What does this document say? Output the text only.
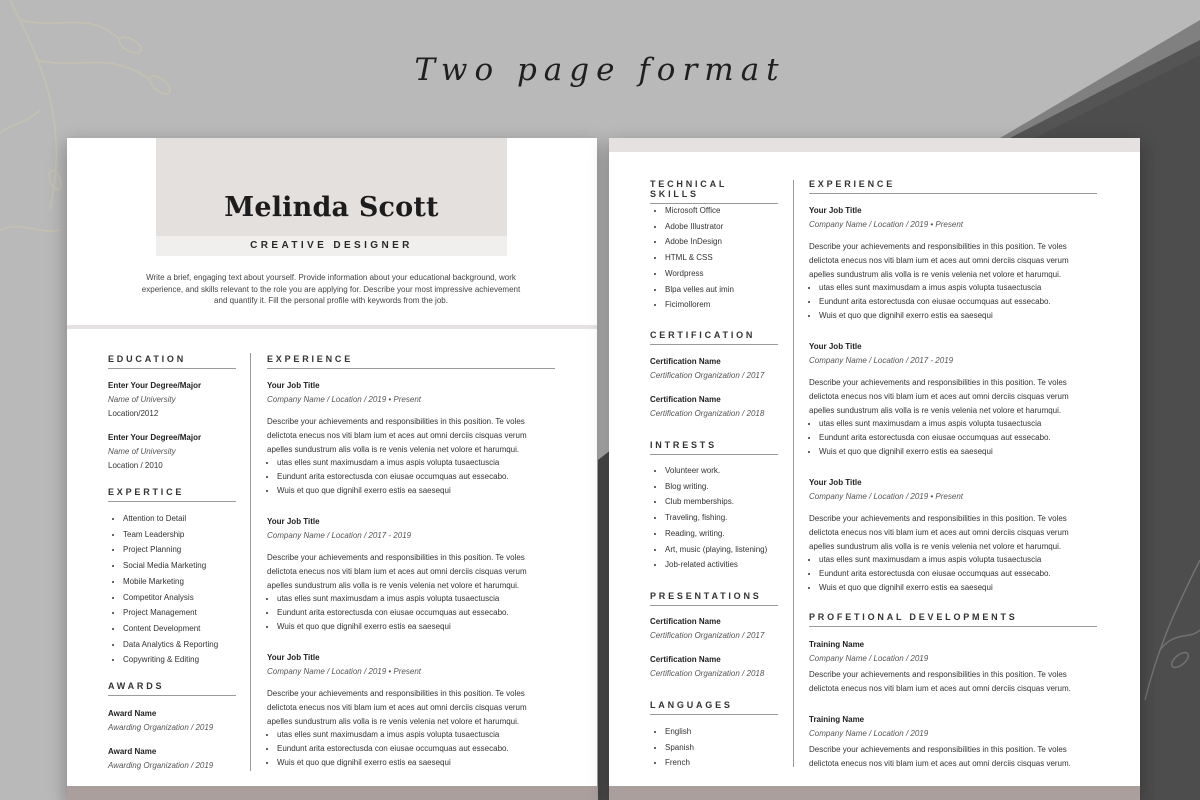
Two page format
Melinda Scott
CREATIVE DESIGNER
Write a brief, engaging text about yourself. Provide information about your educational background, work experience, and skills relevant to the role you are applying for. Describe your most impressive achievement and quantify it. Fill the personal profile with keywords from the job.
EDUCATION
Enter Your Degree/Major
Name of University
Location/2012
Enter Your Degree/Major
Name of University
Location / 2010
EXPERTICE
• Attention to Detail
• Team Leadership
• Project Planning
• Social Media Marketing
• Mobile Marketing
• Competitor Analysis
• Project Management
• Content Development
• Data Analytics & Reporting
• Copywriting & Editing
AWARDS
Award Name
Awarding Organization / 2019
Award Name
Awarding Organization / 2019
EXPERIENCE
Your Job Title
Company Name / Location / 2019 • Present
Describe your achievements and responsibilities in this position. Te voles
delictota enecus nos viti blam ium et aces aut omni derciis cisquas verum
apelles sundustrum alis volla is re venis velenia net volore et harumqui.
• utas elles sunt maximusdam a imus aspis volupta tusaectuscia
• Eundunt arita estorectusda con eiusae occumquas aut essecabo.
• Wuis et quo que dignihil exerro estis ea saesequi
Your Job Title
Company Name / Location / 2017 - 2019
Describe your achievements and responsibilities in this position. Te voles
delictota enecus nos viti blam ium et aces aut omni derciis cisquas verum
apelles sundustrum alis volla is re venis velenia net volore et harumqui.
• utas elles sunt maximusdam a imus aspis volupta tusaectuscia
• Eundunt arita estorectusda con eiusae occumquas aut essecabo.
• Wuis et quo que dignihil exerro estis ea saesequi
Your Job Title
Company Name / Location / 2019 • Present
Describe your achievements and responsibilities in this position. Te voles
delictota enecus nos viti blam ium et aces aut omni derciis cisquas verum
apelles sundustrum alis volla is re venis velenia net volore et harumqui.
• utas elles sunt maximusdam a imus aspis volupta tusaectuscia
• Eundunt arita estorectusda con eiusae occumquas aut essecabo.
• Wuis et quo que dignihil exerro estis ea saesequi
TECHNICAL SKILLS
• Microsoft Office
• Adobe Illustrator
• Adobe InDesign
• HTML & CSS
• Wordpress
• Blpa velles aut imin
• Ficimollorem
CERTIFICATION
Certification Name
Certification Organization / 2017
Certification Name
Certification Organization / 2018
INTRESTS
• Volunteer work.
• Blog writing.
• Club memberships.
• Traveling, fishing.
• Reading, writing.
• Art, music (playing, listening)
• Job-related activities
PRESENTATIONS
Certification Name
Certification Organization / 2017
Certification Name
Certification Organization / 2018
LANGUAGES
• English
• Spanish
• French
EXPERIENCE
Your Job Title
Company Name / Location / 2019 • Present
Describe your achievements and responsibilities in this position. Te voles
delictota enecus nos viti blam ium et aces aut omni derciis cisquas verum
apelles sundustrum alis volla is re venis velenia net volore et harumqui.
• utas elles sunt maximusdam a imus aspis volupta tusaectuscia
• Eundunt arita estorectusda con eiusae occumquas aut essecabo.
• Wuis et quo que dignihil exerro estis ea saesequi
Your Job Title
Company Name / Location / 2017 - 2019
Describe your achievements and responsibilities in this position. Te voles
delictota enecus nos viti blam ium et aces aut omni derciis cisquas verum
apelles sundustrum alis volla is re venis velenia net volore et harumqui.
• utas elles sunt maximusdam a imus aspis volupta tusaectuscia
• Eundunt arita estorectusda con eiusae occumquas aut essecabo.
• Wuis et quo que dignihil exerro estis ea saesequi
Your Job Title
Company Name / Location / 2019 • Present
Describe your achievements and responsibilities in this position. Te voles
delictota enecus nos viti blam ium et aces aut omni derciis cisquas verum
apelles sundustrum alis volla is re venis velenia net volore et harumqui.
• utas elles sunt maximusdam a imus aspis volupta tusaectuscia
• Eundunt arita estorectusda con eiusae occumquas aut essecabo.
• Wuis et quo que dignihil exerro estis ea saesequi
PROFETIONAL DEVELOPMENTS
Training Name
Company Name / Location / 2019
Describe your achievements and responsibilities in this position. Te voles
delictota enecus nos viti blam ium et aces aut omni derciis cisquas verum.
Training Name
Company Name / Location / 2019
Describe your achievements and responsibilities in this position. Te voles
delictota enecus nos viti blam ium et aces aut omni derciis cisquas verum.
